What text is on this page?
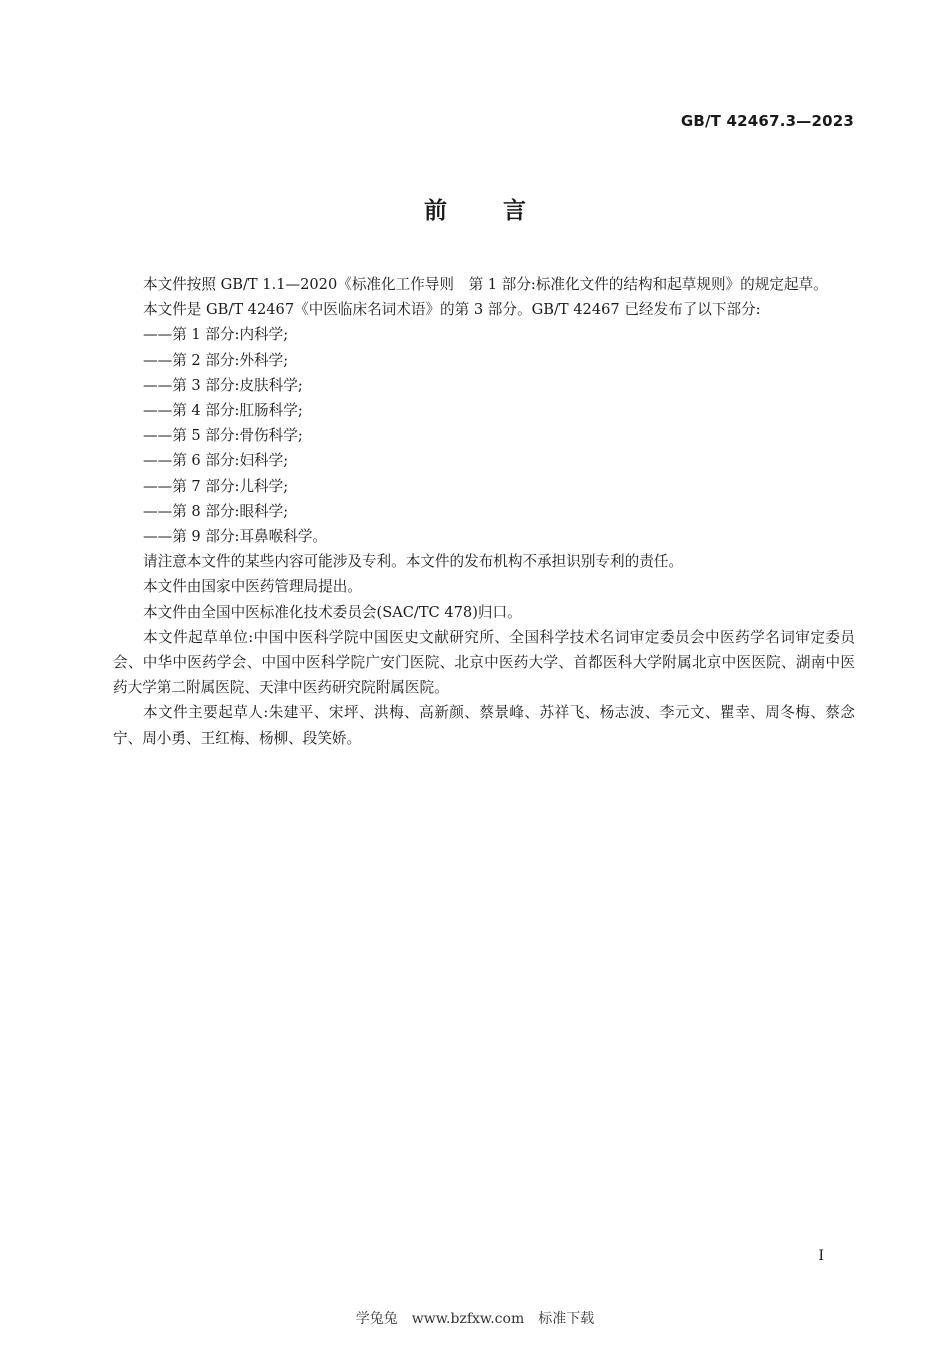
GB/T 42467.3—2023
前言

本文件按照 GB/T 1.1—2020《标准化工作导则　第 1 部分:标准化文件的结构和起草规则》的规定起草。

本文件是 GB/T 42467《中医临床名词术语》的第 3 部分。GB/T 42467 已经发布了以下部分:

——第 1 部分:内科学;
——第 2 部分:外科学;
——第 3 部分:皮肤科学;
——第 4 部分:肛肠科学;
——第 5 部分:骨伤科学;
——第 6 部分:妇科学;
——第 7 部分:儿科学;
——第 8 部分:眼科学;
——第 9 部分:耳鼻喉科学。

请注意本文件的某些内容可能涉及专利。本文件的发布机构不承担识别专利的责任。

本文件由国家中医药管理局提出。

本文件由全国中医标准化技术委员会(SAC/TC 478)归口。

本文件起草单位:中国中医科学院中国医史文献研究所、全国科学技术名词审定委员会中医药学名词审定委员会、中华中医药学会、中国中医科学院广安门医院、北京中医药大学、首都医科大学附属北京中医医院、湖南中医药大学第二附属医院、天津中医药研究院附属医院。

本文件主要起草人:朱建平、宋坪、洪梅、高新颜、蔡景峰、苏祥飞、杨志波、李元文、瞿幸、周冬梅、蔡念宁、周小勇、王红梅、杨柳、段笑娇。

I
学兔兔　www.bzfxw.com　标准下载
